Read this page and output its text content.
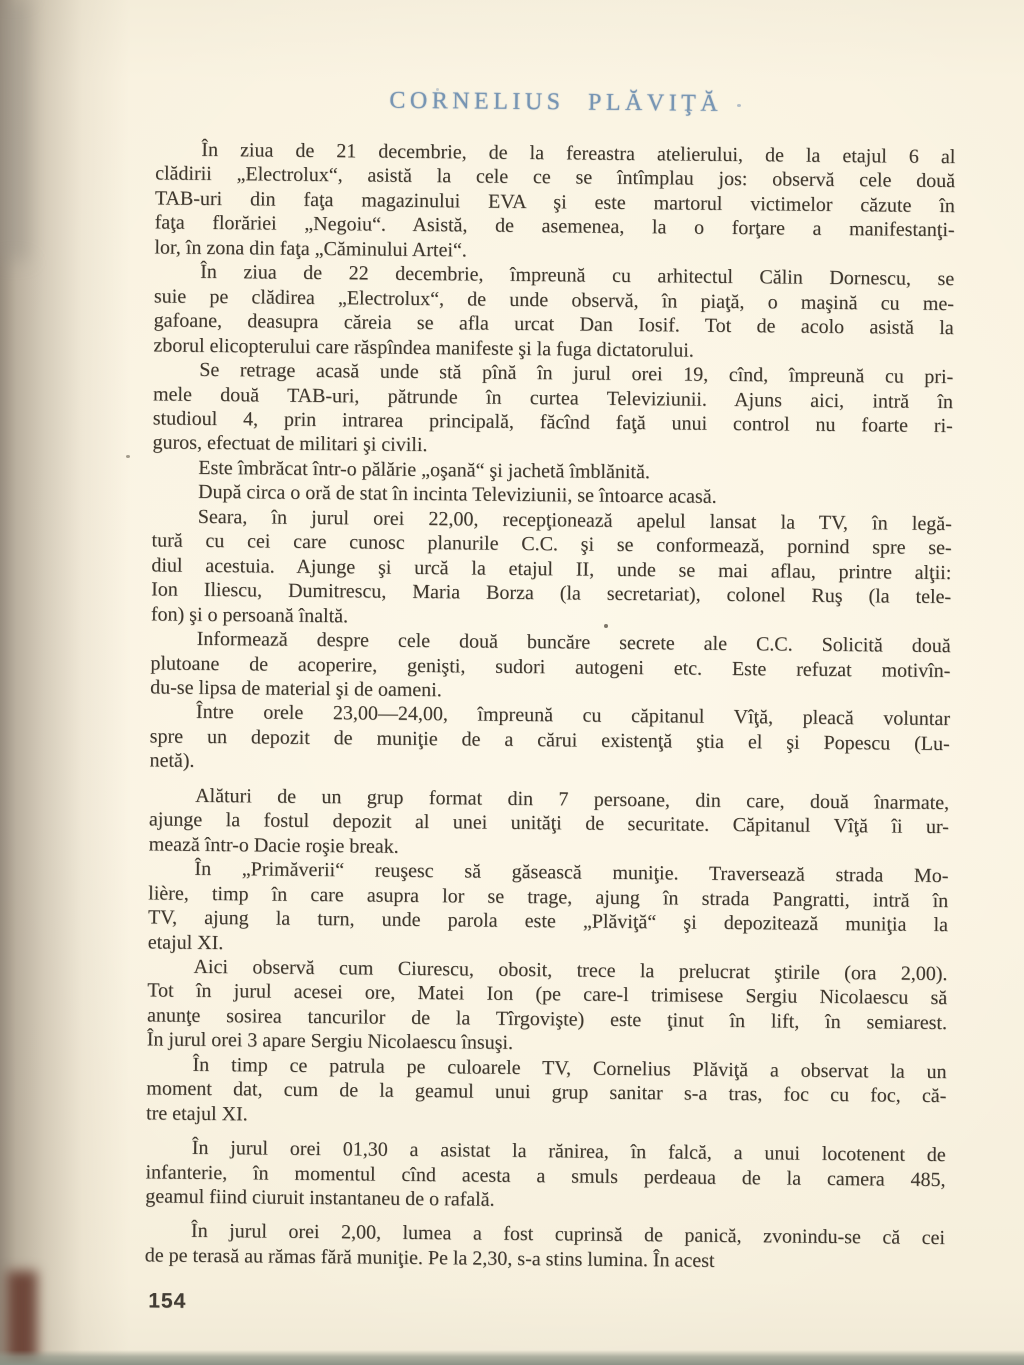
CORNELIUS PLĂVIŢĂ
În ziua de 21 decembrie, de la fereastra atelierului, de la etajul 6 al
clădirii „Electrolux“, asistă la cele ce se întîmplau jos: observă cele două
TAB-uri din faţa magazinului EVA şi este martorul victimelor căzute în
faţa florăriei „Negoiu“. Asistă, de asemenea, la o forţare a manifestanţi-
lor, în zona din faţa „Căminului Artei“.
În ziua de 22 decembrie, împreună cu arhitectul Călin Dornescu, se
suie pe clădirea „Electrolux“, de unde observă, în piaţă, o maşină cu me-
gafoane, deasupra căreia se afla urcat Dan Iosif. Tot de acolo asistă la
zborul elicopterului care răspîndea manifeste şi la fuga dictatorului.
Se retrage acasă unde stă pînă în jurul orei 19, cînd, împreună cu pri-
mele două TAB-uri, pătrunde în curtea Televiziunii. Ajuns aici, intră în
studioul 4, prin intrarea principală, făcînd faţă unui control nu foarte ri-
guros, efectuat de militari şi civili.
Este îmbrăcat într-o pălărie „oşană“ şi jachetă îmblănită.
După circa o oră de stat în incinta Televiziunii, se întoarce acasă.
Seara, în jurul orei 22,00, recepţionează apelul lansat la TV, în legă-
tură cu cei care cunosc planurile C.C. şi se conformează, pornind spre se-
diul acestuia. Ajunge şi urcă la etajul II, unde se mai aflau, printre alţii:
Ion Iliescu, Dumitrescu, Maria Borza (la secretariat), colonel Ruş (la tele-
fon) şi o persoană înaltă.
Informează despre cele două buncăre secrete ale C.C. Solicită două
plutoane de acoperire, genişti, sudori autogeni etc. Este refuzat motivîn-
du-se lipsa de material şi de oameni.
Între orele 23,00—24,00, împreună cu căpitanul Vîţă, pleacă voluntar
spre un depozit de muniţie de a cărui existenţă ştia el şi Popescu (Lu-
netă).
Alături de un grup format din 7 persoane, din care, două înarmate,
ajunge la fostul depozit al unei unităţi de securitate. Căpitanul Vîţă îi ur-
mează într-o Dacie roşie break.
În „Primăverii“ reuşesc să găsească muniţie. Traversează strada Mo-
lière, timp în care asupra lor se trage, ajung în strada Pangratti, intră în
TV, ajung la turn, unde parola este „Plăviţă“ şi depozitează muniţia la
etajul XI.
Aici observă cum Ciurescu, obosit, trece la prelucrat ştirile (ora 2,00).
Tot în jurul acesei ore, Matei Ion (pe care-l trimisese Sergiu Nicolaescu să
anunţe sosirea tancurilor de la Tîrgovişte) este ţinut în lift, în semiarest.
În jurul orei 3 apare Sergiu Nicolaescu însuşi.
În timp ce patrula pe culoarele TV, Cornelius Plăviţă a observat la un
moment dat, cum de la geamul unui grup sanitar s-a tras, foc cu foc, că-
tre etajul XI.
În jurul orei 01,30 a asistat la rănirea, în falcă, a unui locotenent de
infanterie, în momentul cînd acesta a smuls perdeaua de la camera 485,
geamul fiind ciuruit instantaneu de o rafală.
În jurul orei 2,00, lumea a fost cuprinsă de panică, zvonindu-se că cei
de pe terasă au rămas fără muniţie. Pe la 2,30, s-a stins lumina. În acest
154
